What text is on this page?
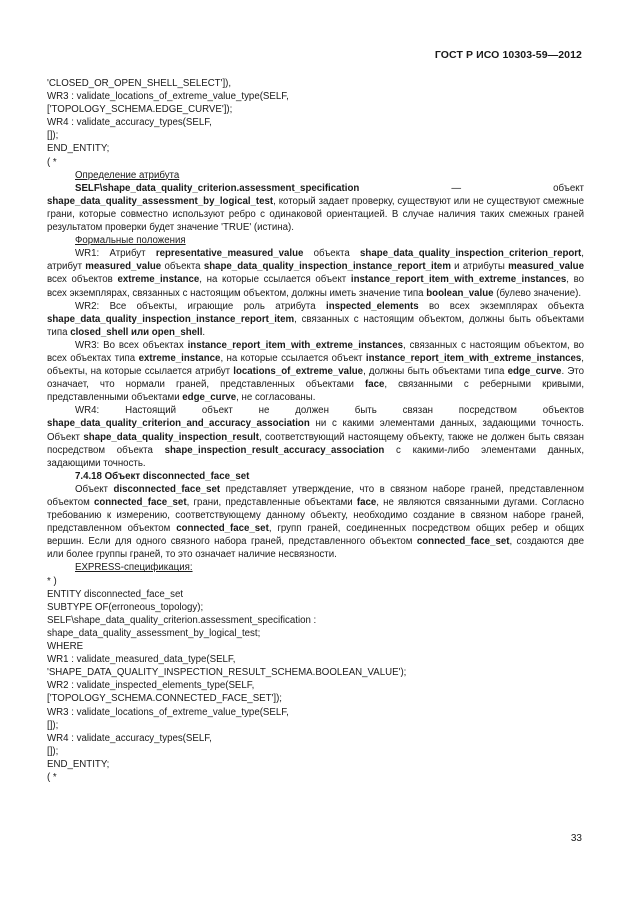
ГОСТ Р ИСО 10303-59—2012
'CLOSED_OR_OPEN_SHELL_SELECT']),
WR3 : validate_locations_of_extreme_value_type(SELF,
['TOPOLOGY_SCHEMA.EDGE_CURVE']);
WR4 : validate_accuracy_types(SELF,
[]);
END_ENTITY;
( *
Определение атрибута
SELF\shape_data_quality_criterion.assessment_specification — объект shape_data_quality_assessment_by_logical_test, который задает проверку, существуют или не существуют смежные грани, которые совместно используют ребро с одинаковой ориентацией. В случае наличия таких смежных граней результатом проверки будет значение 'TRUE' (истина).
Формальные положения
WR1: Атрибут representative_measured_value объекта shape_data_quality_inspection_criterion_report, атрибут measured_value объекта shape_data_quality_inspection_instance_report_item и атрибуты measured_value всех объектов extreme_instance, на которые ссылается объект instance_report_item_with_extreme_instances, во всех экземплярах, связанных с настоящим объектом, должны иметь значение типа boolean_value (булево значение).
WR2: Все объекты, играющие роль атрибута inspected_elements во всех экземплярах объекта shape_data_quality_inspection_instance_report_item, связанных с настоящим объектом, должны быть объектами типа closed_shell или open_shell.
WR3: Во всех объектах instance_report_item_with_extreme_instances, связанных с настоящим объектом, во всех объектах типа extreme_instance, на которые ссылается объект instance_report_item_with_extreme_instances, объекты, на которые ссылается атрибут locations_of_extreme_value, должны быть объектами типа edge_curve. Это означает, что нормали граней, представленных объектами face, связанными с реберными кривыми, представленными объектами edge_curve, не согласованы.
WR4: Настоящий объект не должен быть связан посредством объектов shape_data_quality_criterion_and_accuracy_association ни с какими элементами данных, задающими точность. Объект shape_data_quality_inspection_result, соответствующий настоящему объекту, также не должен быть связан посредством объекта shape_inspection_result_accuracy_association с какими-либо элементами данных, задающими точность.
7.4.18 Объект disconnected_face_set
Объект disconnected_face_set представляет утверждение, что в связном наборе граней, представленном объектом connected_face_set, грани, представленные объектами face, не являются связанными дугами. Согласно требованию к измерению, соответствующему данному объекту, необходимо создание в связном наборе граней, представленном объектом connected_face_set, групп граней, соединенных посредством общих ребер и общих вершин. Если для одного связного набора граней, представленного объектом connected_face_set, создаются две или более группы граней, то это означает наличие несвязности.
EXPRESS-спецификация:
* )
ENTITY disconnected_face_set
SUBTYPE OF(erroneous_topology);
SELF\shape_data_quality_criterion.assessment_specification :
shape_data_quality_assessment_by_logical_test;
WHERE
WR1 : validate_measured_data_type(SELF,
'SHAPE_DATA_QUALITY_INSPECTION_RESULT_SCHEMA.BOOLEAN_VALUE');
WR2 : validate_inspected_elements_type(SELF,
['TOPOLOGY_SCHEMA.CONNECTED_FACE_SET']);
WR3 : validate_locations_of_extreme_value_type(SELF,
[]);
WR4 : validate_accuracy_types(SELF,
[]);
END_ENTITY;
( *
33
